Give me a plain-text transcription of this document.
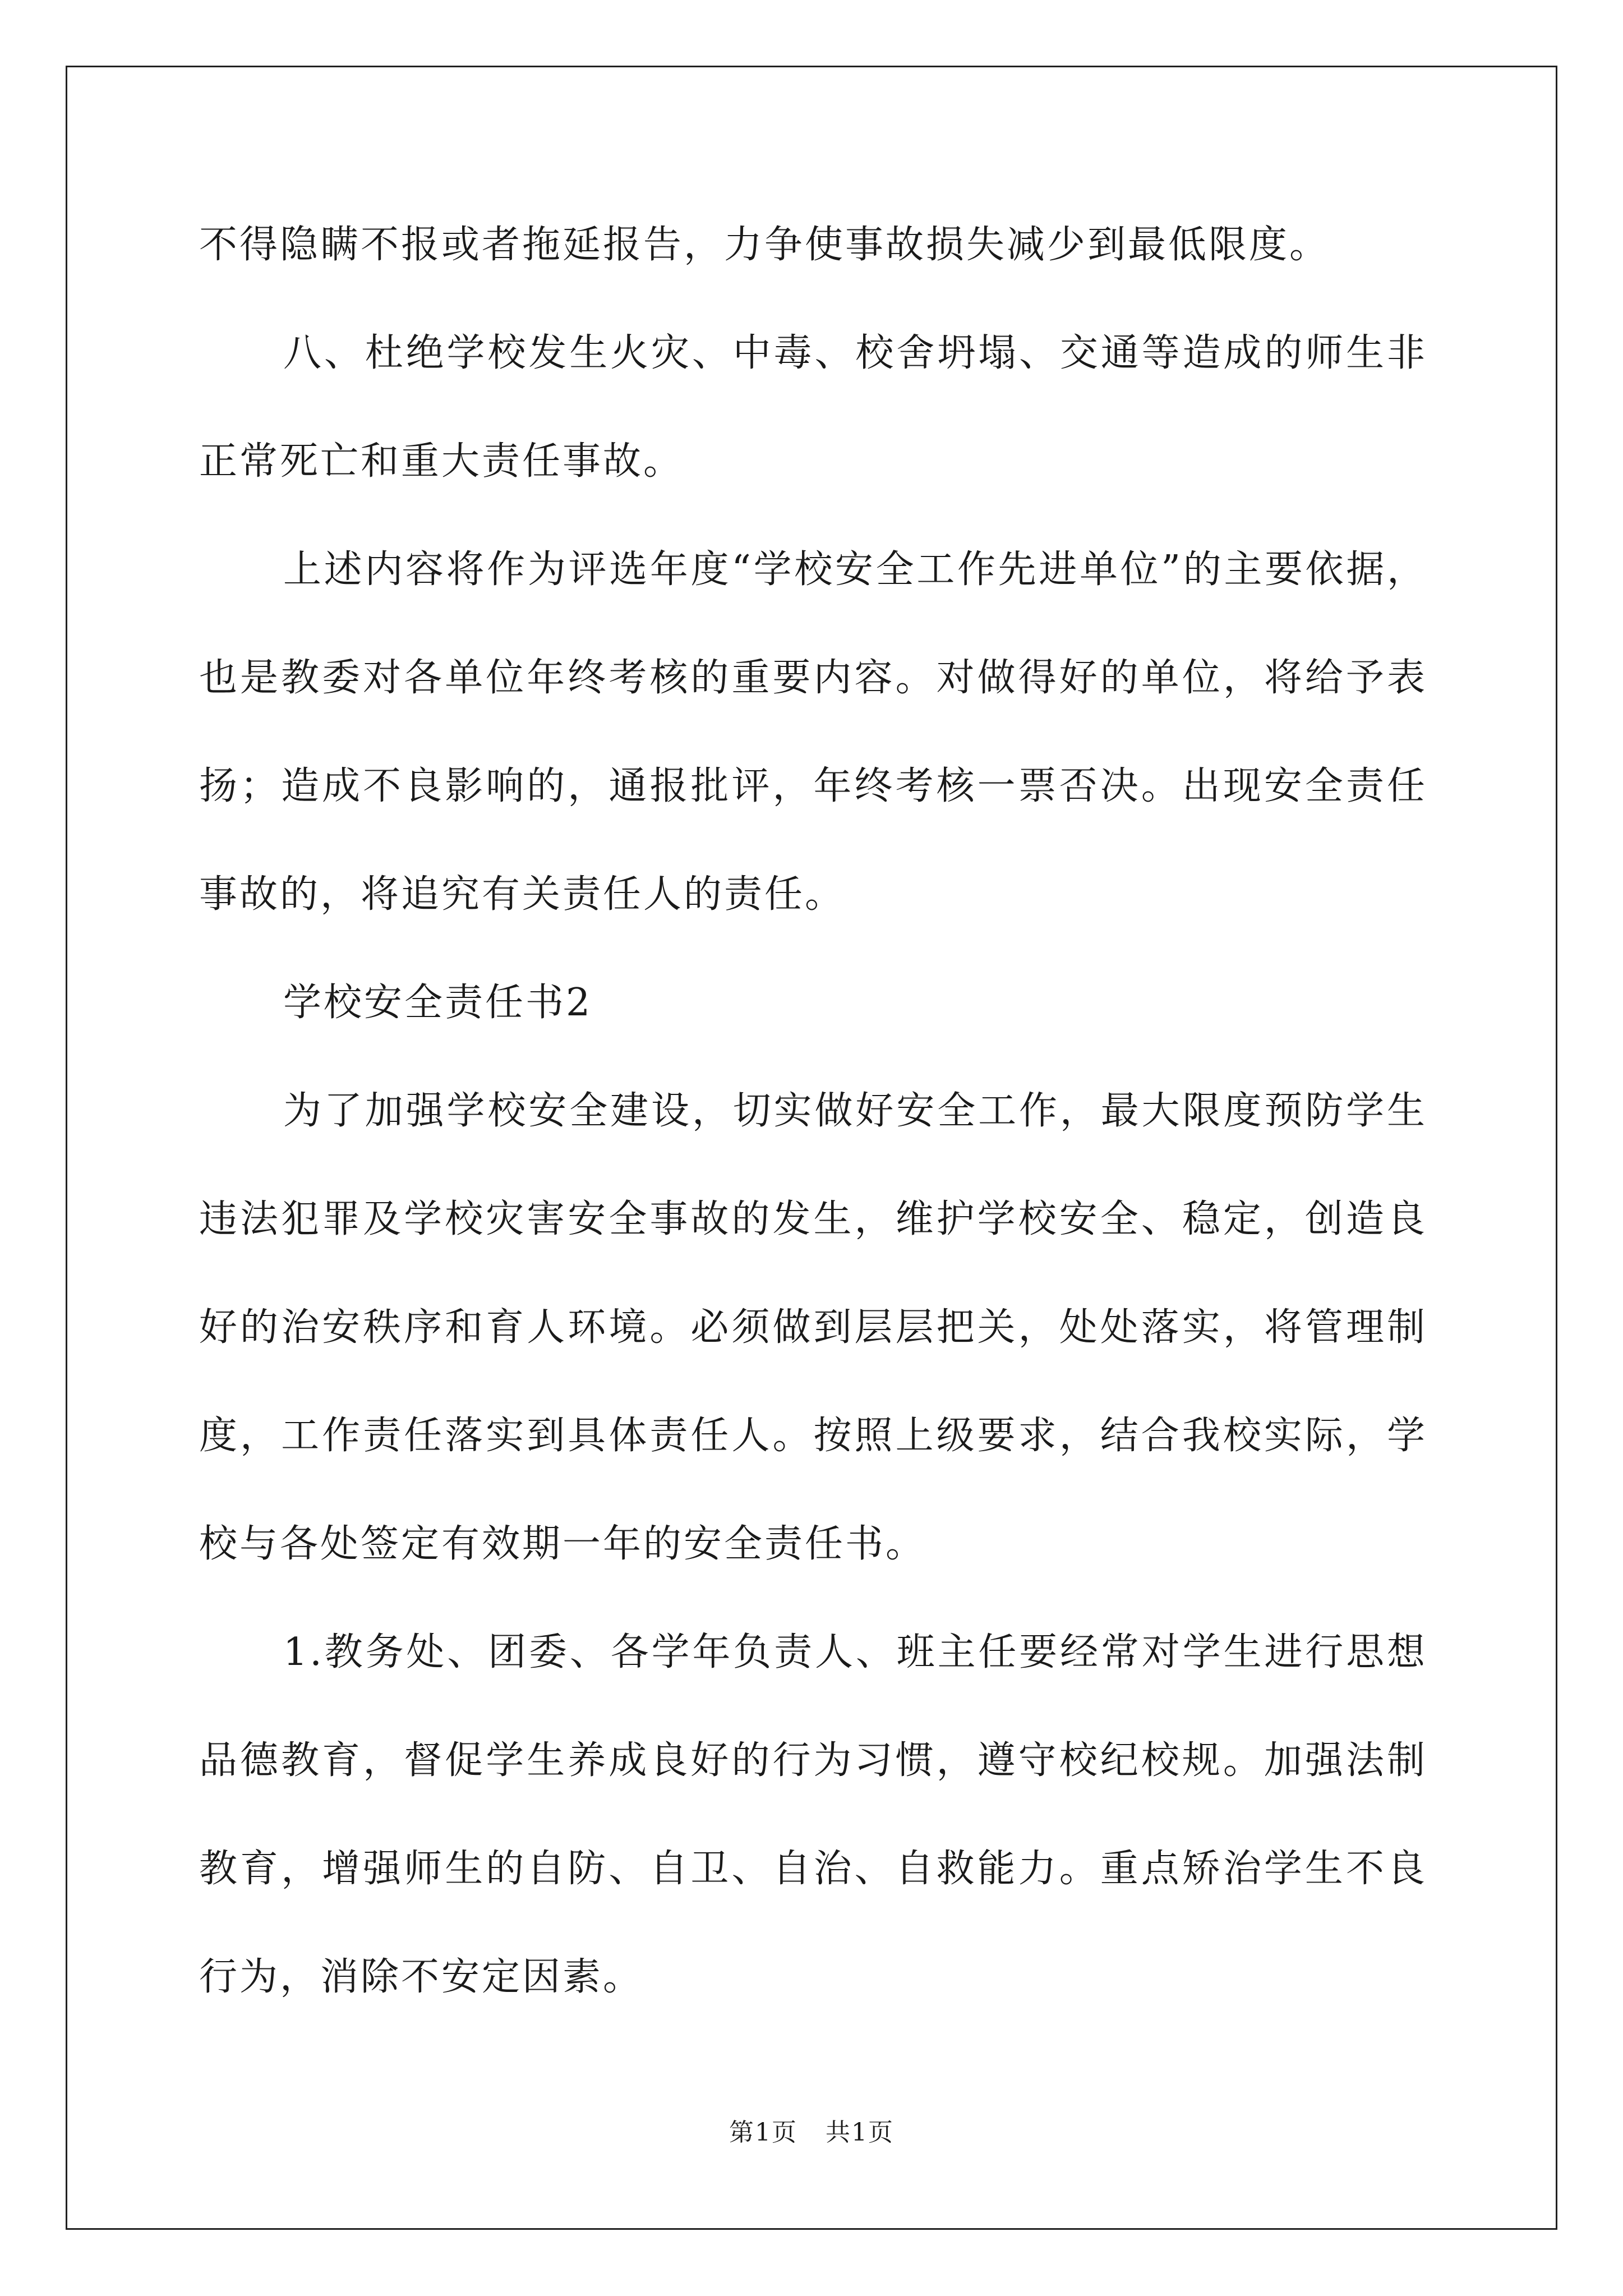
不得隐瞒不报或者拖延报告，力争使事故损失减少到最低限度。

八、杜绝学校发生火灾、中毒、校舍坍塌、交通等造成的师生非正常死亡和重大责任事故。

上述内容将作为评选年度“学校安全工作先进单位”的主要依据，也是教委对各单位年终考核的重要内容。对做得好的单位，将给予表扬；造成不良影响的，通报批评，年终考核一票否决。出现安全责任事故的，将追究有关责任人的责任。

学校安全责任书2

为了加强学校安全建设，切实做好安全工作，最大限度预防学生违法犯罪及学校灾害安全事故的发生，维护学校安全、稳定，创造良好的治安秩序和育人环境。必须做到层层把关，处处落实，将管理制度，工作责任落实到具体责任人。按照上级要求，结合我校实际，学校与各处签定有效期一年的安全责任书。

1.教务处、团委、各学年负责人、班主任要经常对学生进行思想品德教育，督促学生养成良好的行为习惯，遵守校纪校规。加强法制教育，增强师生的自防、自卫、自治、自救能力。重点矫治学生不良行为，消除不安定因素。

第1页 共1页
